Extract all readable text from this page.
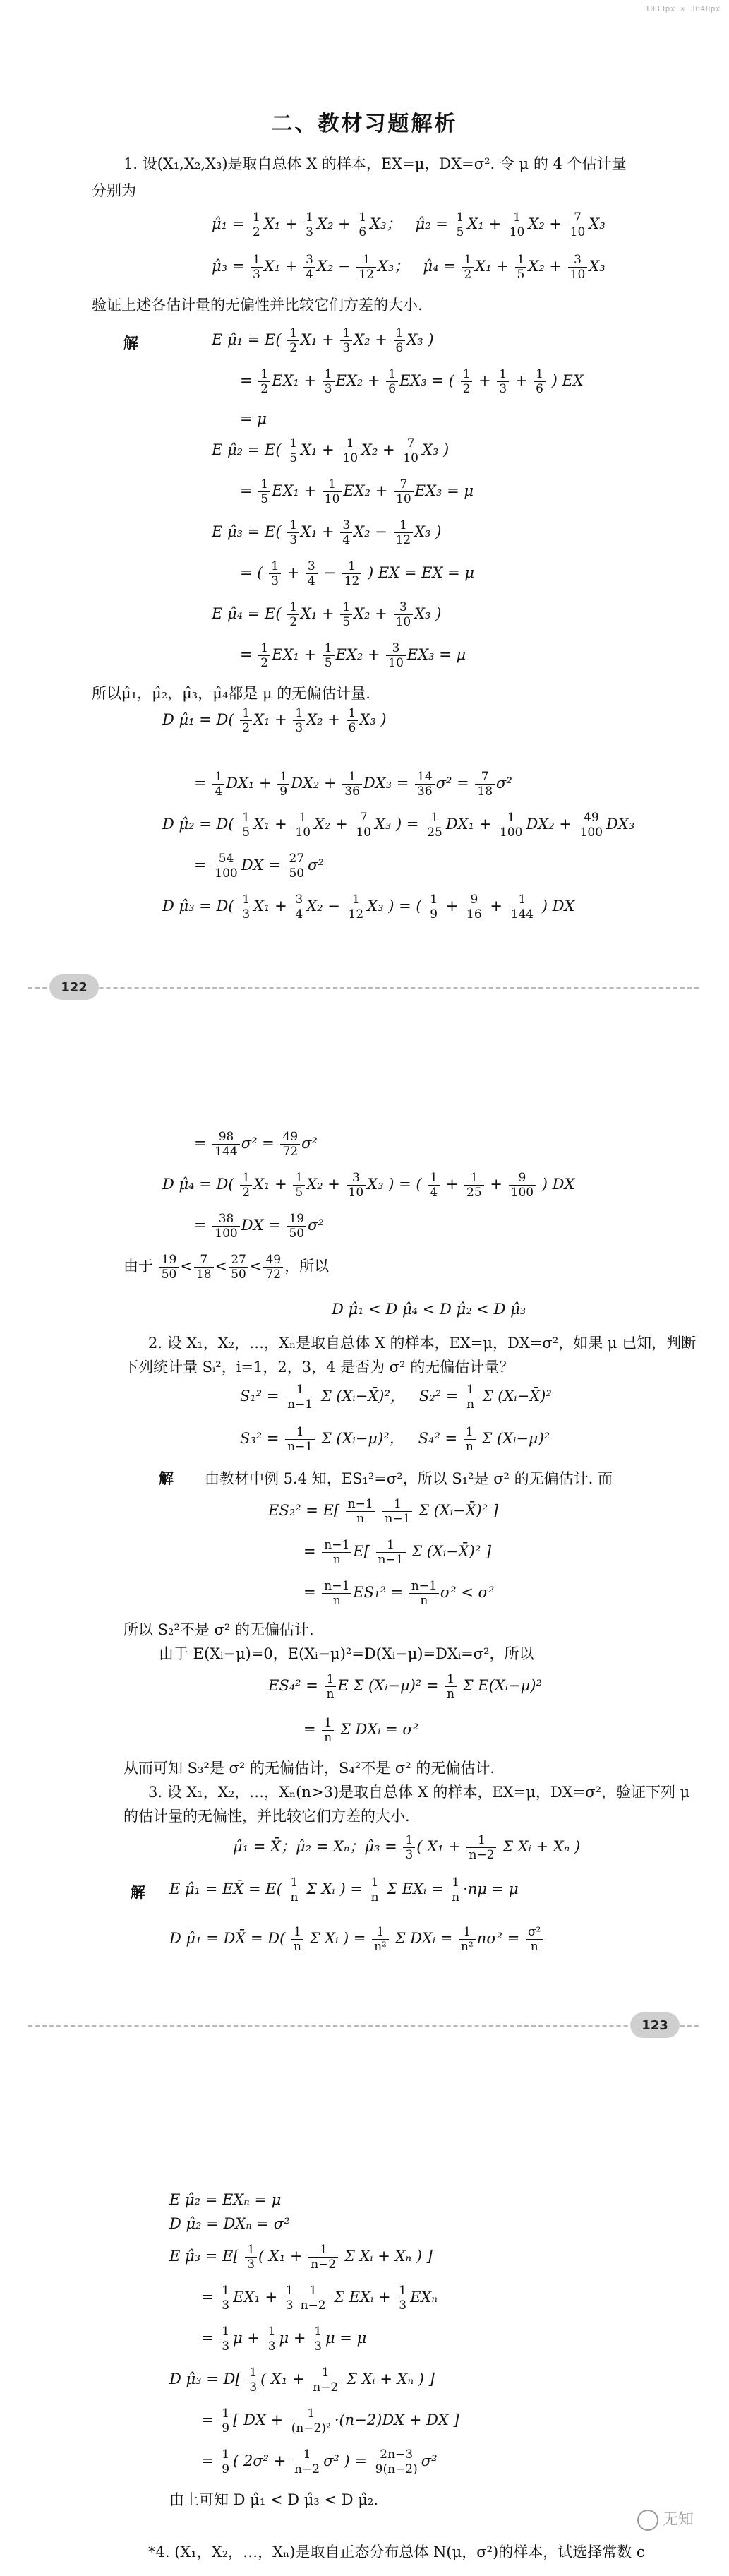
1033px × 3648px
二、教材习题解析
1. 设(X₁,X₂,X₃)是取自总体 X 的样本，EX=μ，DX=σ². 令 μ 的 4 个估计量
分别为
μ̂₁ = $\frac{1}{2} X_1 + \frac{1}{3} X_2 + \frac{1}{6} X_3$；   μ̂₂ = $\frac{1}{5} X_1 + \frac{1}{10} X_2 + \frac{7}{10} X_3$
μ̂₃ = $\frac{1}{3} X_1 + \frac{3}{4} X_2 - \frac{1}{12} X_3$；   μ̂₄ = $\frac{1}{2} X_1 + \frac{1}{5} X_2 + \frac{3}{10} X_3$
验证上述各估计量的无偏性并比较它们方差的大小.
解	E μ̂₁ = $E( \frac{1}{2} X_1 + \frac{1}{3} X_2 + \frac{1}{6} X_3$ )
= $\frac{1}{2} EX_1 + \frac{1}{3} EX_2 + \frac{1}{6} EX_3$ = ( $\frac{1}{2} + \frac{1}{3} + \frac{1}{6}$ ) EX
= μ
E μ̂₂ = $E( \frac{1}{5} X_1 + \frac{1}{10} X_2 + \frac{7}{10} X_3$ )
= $\frac{1}{5} EX_1 + \frac{1}{10} EX_2 + \frac{7}{10} EX_3 = \mu$
E μ̂₃ = $E( \frac{1}{3} X_1 + \frac{3}{4} X_2 - \frac{1}{12} X_3$ )
= ( $\frac{1}{3} + \frac{3}{4} - \frac{1}{12}$ ) EX = EX = μ
E μ̂₄ = $E( \frac{1}{2} X_1 + \frac{1}{5} X_2 + \frac{3}{10} X_3$ )
= $\frac{1}{2} EX_1 + \frac{1}{5} EX_2 + \frac{3}{10} EX_3 = \mu$
所以μ̂₁，μ̂₂，μ̂₃，μ̂₄都是 μ 的无偏估计量.
D μ̂₁ = $D( \frac{1}{2} X_1 + \frac{1}{3} X_2 + \frac{1}{6} X_3$ )
= $\frac{1}{4} DX_1 + \frac{1}{9} DX_2 + \frac{1}{36} DX_3 = \frac{14}{36} \sigma^2 = \frac{7}{18} \sigma^2$
D μ̂₂ = $D( \frac{1}{5} X_1 + \frac{1}{10} X_2 + \frac{7}{10} X_3$ ) = $\frac{1}{25} DX_1 + \frac{1}{100} DX_2 + \frac{49}{100} DX_3$
= $\frac{54}{100}$ DX = $\frac{27}{50} \sigma^2$
D μ̂₃ = $D( \frac{1}{3} X_1 + \frac{3}{4} X_2 - \frac{1}{12} X_3$ ) = ( $\frac{1}{9} + \frac{9}{16} + \frac{1}{144}$ ) DX
122
= $\frac{98}{144} \sigma^2 = \frac{49}{72} \sigma^2$
D μ̂₄ = $D( \frac{1}{2} X_1 + \frac{1}{5} X_2 + \frac{3}{10} X_3$ ) = ( $\frac{1}{4} + \frac{1}{25} + \frac{9}{100}$ ) DX
= $\frac{38}{100}$ DX = $\frac{19}{50} \sigma^2$
由于 $\frac{19}{50} < \frac{7}{18} < \frac{27}{50} < \frac{49}{72}$ ，所以
D μ̂₁ < D μ̂₄ < D μ̂₂ < D μ̂₃
2. 设 X₁，X₂，…，Xₙ是取自总体 X 的样本，EX=μ，DX=σ²，如果 μ 已知，判断
下列统计量 Sᵢ²，i=1，2，3，4 是否为 σ² 的无偏估计量？
$S_1^2 = \frac{1}{n-1}$ Σ (Xᵢ−X̄)²，   $S_2^2 = \frac{1}{n}$ Σ (Xᵢ−X̄)²
$S_3^2 = \frac{1}{n-1}$ Σ (Xᵢ−μ)²，   $S_4^2 = \frac{1}{n}$ Σ (Xᵢ−μ)²
解 由教材中例 5.4 知，ES₁²=σ²，所以 S₁²是 σ² 的无偏估计. 而
$ES_2^2 = E[ \frac{n-1}{n}$
$\frac{1}{n-1}$ Σ (Xᵢ−X̄)² ]
= $\frac{n-1}{n} E[ \frac{1}{n-1}$ Σ (Xᵢ−X̄)² ]
= $\frac{n-1}{n} ES_1^2 = \frac{n-1}{n} \sigma^2 < \sigma^2$
所以 S₂²不是 σ² 的无偏估计.
由于 E(Xᵢ−μ)=0，E(Xᵢ−μ)²=D(Xᵢ−μ)=DXᵢ=σ²，所以
$ES_4^2 = \frac{1}{n}$ E Σ (Xᵢ−μ)² = $\frac{1}{n}$ Σ E(Xᵢ−μ)²
= $\frac{1}{n}$ Σ DXᵢ = σ²
从而可知 S₃²是 σ² 的无偏估计，S₄²不是 σ² 的无偏估计.
3. 设 X₁，X₂，…，Xₙ(n>3)是取自总体 X 的样本，EX=μ，DX=σ²，验证下列 μ
的估计量的无偏性，并比较它们方差的大小.
μ̂₁ = X̄；μ̂₂ = Xₙ；μ̂₃ = $\frac{1}{3}$ ( $X_1 + \frac{1}{n-2}$ Σ Xᵢ + Xₙ )
解 E μ̂₁ = EX̄ = $E( \frac{1}{n}$ Σ Xᵢ ) = $\frac{1}{n}$ Σ EXᵢ = $\frac{1}{n} \cdot n\mu = \mu$
D μ̂₁ = DX̄ = $D( \frac{1}{n}$ Σ Xᵢ ) = $\frac{1}{\text{n²}}$ Σ DXᵢ = $\frac{1}{\text{n²}} n\sigma^2 = \frac{\text{σ²}}{n}$
123
E μ̂₂ = EXₙ = μ
D μ̂₂ = DXₙ = σ²
E μ̂₃ = $E[ \frac{1}{3}$ ( $X_1 + \frac{1}{n-2}$ Σ Xᵢ + Xₙ ) ]
= $\frac{1}{3} EX_1 + \frac{1}{3} \frac{1}{n-2}$ Σ EXᵢ + $\frac{1}{3}$ EXₙ
= $\frac{1}{3}$ $\mu + \frac{1}{3}$ $\mu + \frac{1}{3}$ μ = μ
D μ̂₃ = $D[ \frac{1}{3}$ ( $X_1 + \frac{1}{n-2}$ Σ Xᵢ + Xₙ ) ]
= $\frac{1}{9}$ [ DX + $\frac{1}{\text{(n−2)²}} \cdot(n-2)DX$ + DX ]
= $\frac{1}{9}$ ( $2\sigma^2 + \frac{1}{n-2} \sigma^2$ ) = $\frac{2n-3}{9(n-2)} \sigma^2$
由上可知 D μ̂₁ < D μ̂₃ < D μ̂₂.
*4. (X₁，X₂，…，Xₙ)是取自正态分布总体 N(μ，σ²)的样本，试选择常数 c
无知
